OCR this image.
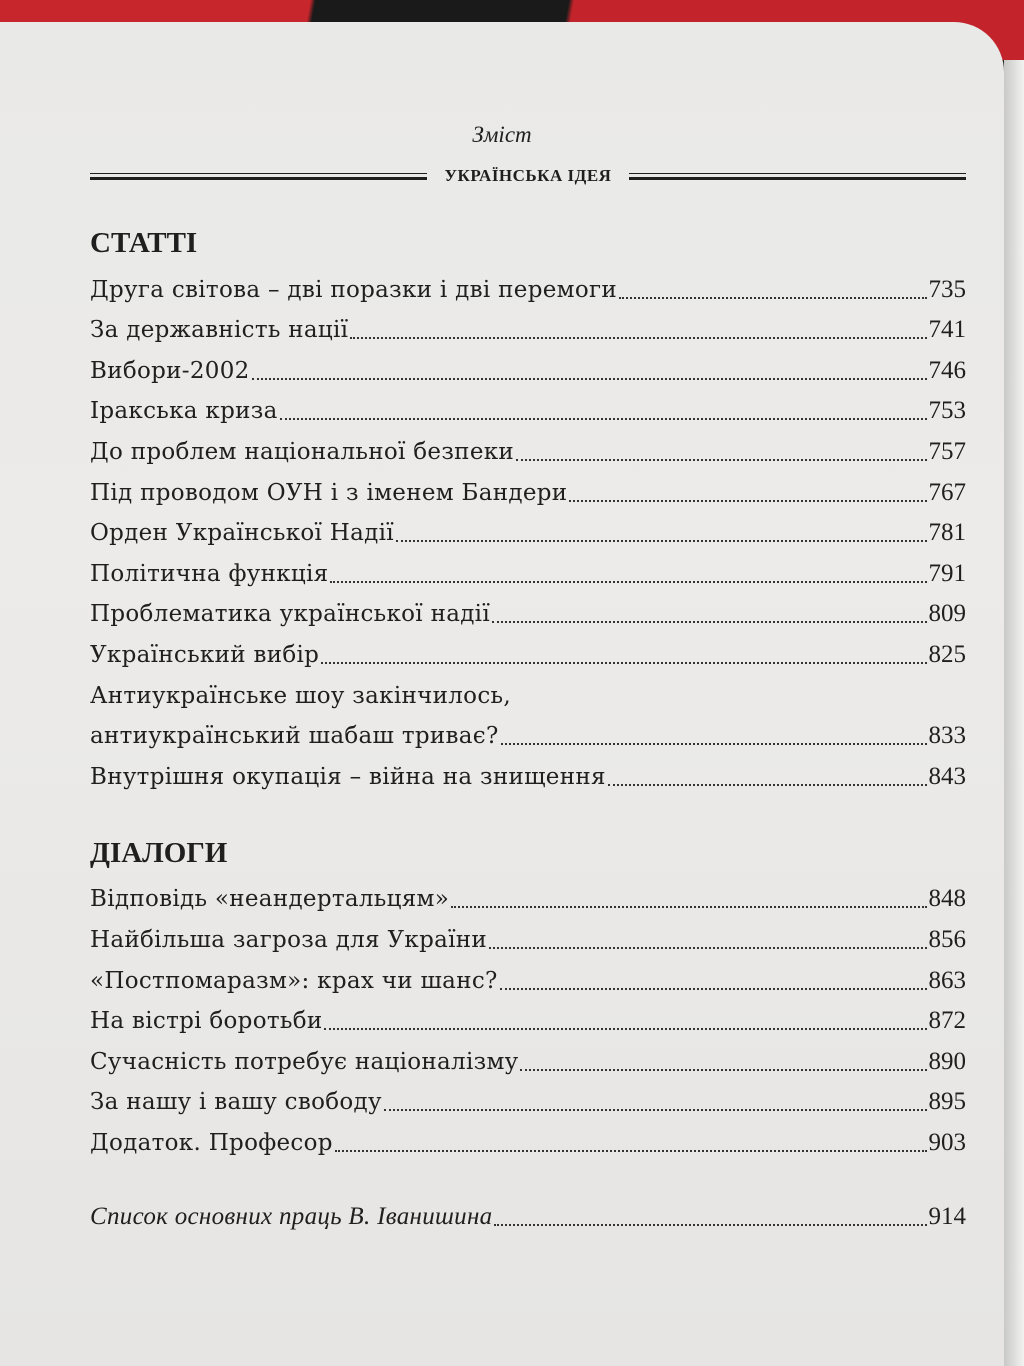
Зміст
УКРАЇНСЬКА ІДЕЯ
СТАТТІ
Друга світова – дві поразки і дві перемоги	735
За державність нації	741
Вибори-2002	746
Іракська криза	753
До проблем національної безпеки	757
Під проводом ОУН і з іменем Бандери	767
Орден Української Надії	781
Політична функція	791
Проблематика української надії	809
Український вибір	825
Антиукраїнське шоу закінчилось,
антиукраїнський шабаш триває?	833
Внутрішня окупація – війна на знищення	843
ДІАЛОГИ
Відповідь «неандертальцям»	848
Найбільша загроза для України	856
«Постпомаразм»: крах чи шанс?	863
На вістрі боротьби	872
Сучасність потребує націоналізму	890
За нашу і вашу свободу	895
Додаток. Професор	903
Список основних праць В. Іванишина	914
